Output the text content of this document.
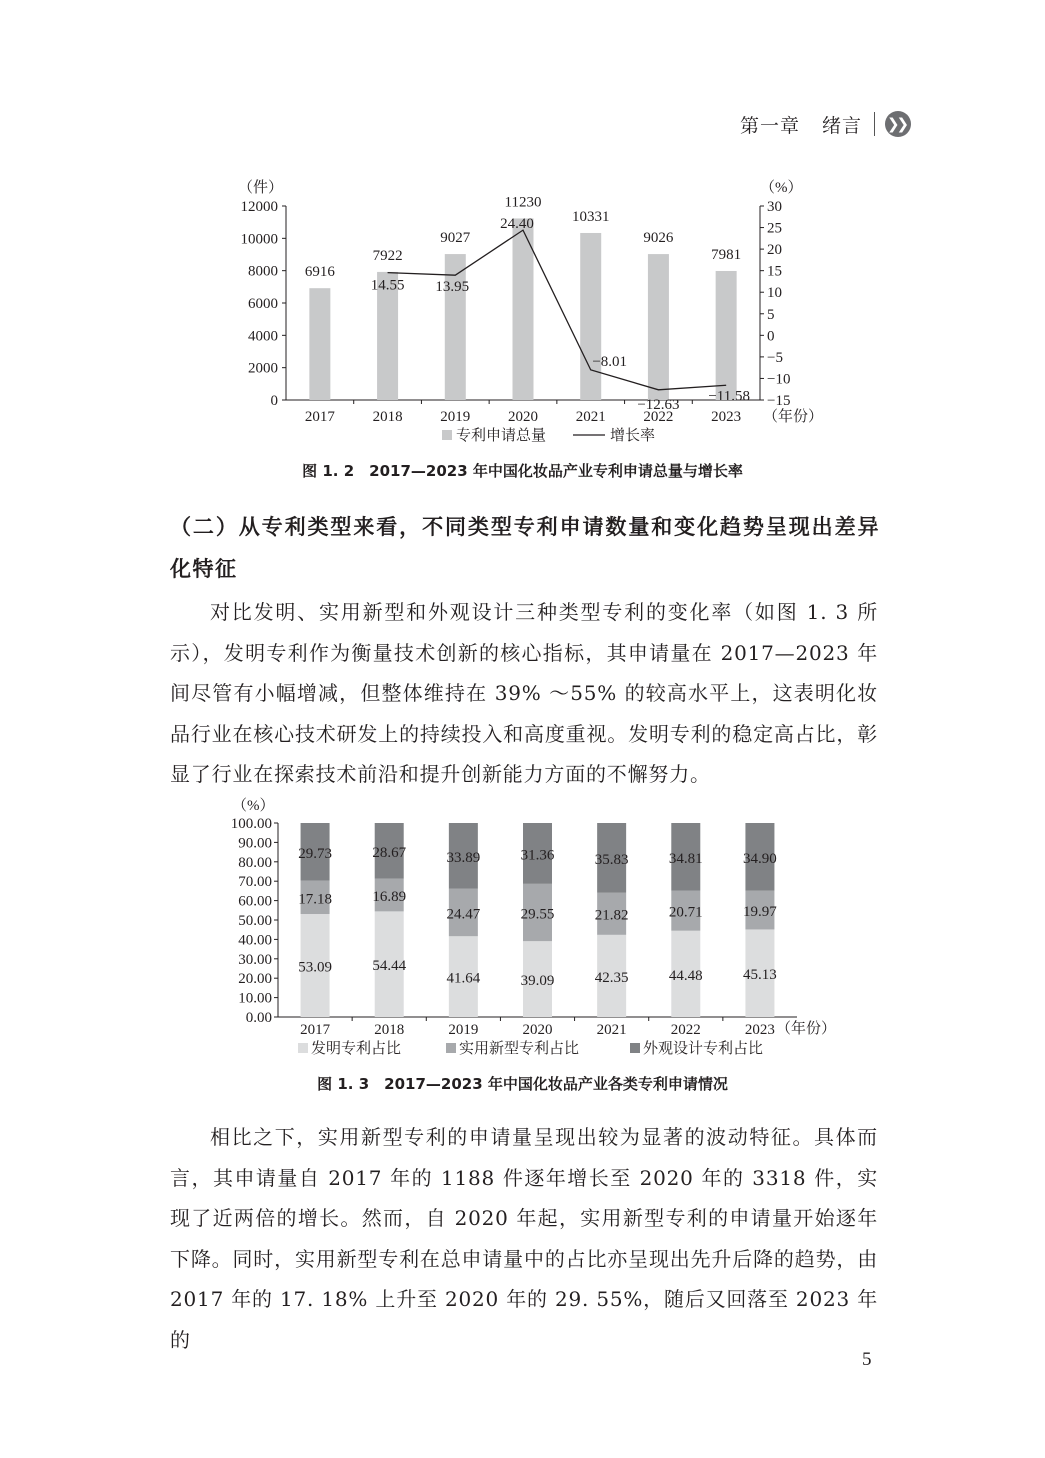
第一章 绪言 ❯❯
（件）	（%）
（年份）
0
2000
4000
6000
8000
10000
12000
−15
−10
−5
0
5
10
15
20
25
30
2017	2018	2019	2020	2021	2022	2023
6916
7922
9027
11230
10331
9026
7981
14.55 13.95
24.40
−8.01
−12.63
−11.58
专利申请总量	增长率
图 1. 2　2017—2023 年中国化妆品产业专利申请总量与增长率
（二）从专利类型来看，不同类型专利申请数量和变化趋势呈现出差异化特征
对比发明、实用新型和外观设计三种类型专利的变化率（如图 1. 3 所示），发明专利作为衡量技术创新的核心指标，其申请量在 2017—2023 年间尽管有小幅增减，但整体维持在 39% ～55% 的较高水平上，这表明化妆品行业在核心技术研发上的持续投入和高度重视。发明专利的稳定高占比，彰显了行业在探索技术前沿和提升创新能力方面的不懈努力。
（%）
（年份）
0.00
10.00
20.00
30.00
40.00
50.00
60.00
70.00
80.00
90.00
100.00
2017	2018	2019	2020	2021	2022	2023
53.09
17.18
29.73
54.44
16.89
28.67
41.64
24.47
33.89
39.09
29.55
31.36
42.35
21.82
35.83
44.48
20.71
34.81
45.13
19.97
34.90
发明专利占比	实用新型专利占比	外观设计专利占比
图 1. 3　2017—2023 年中国化妆品产业各类专利申请情况
相比之下，实用新型专利的申请量呈现出较为显著的波动特征。具体而言，其申请量自 2017 年的 1188 件逐年增长至 2020 年的 3318 件，实现了近两倍的增长。然而，自 2020 年起，实用新型专利的申请量开始逐年下降。同时，实用新型专利在总申请量中的占比亦呈现出先升后降的趋势，由 2017 年的 17. 18% 上升至 2020 年的 29. 55%，随后又回落至 2023 年的
5
